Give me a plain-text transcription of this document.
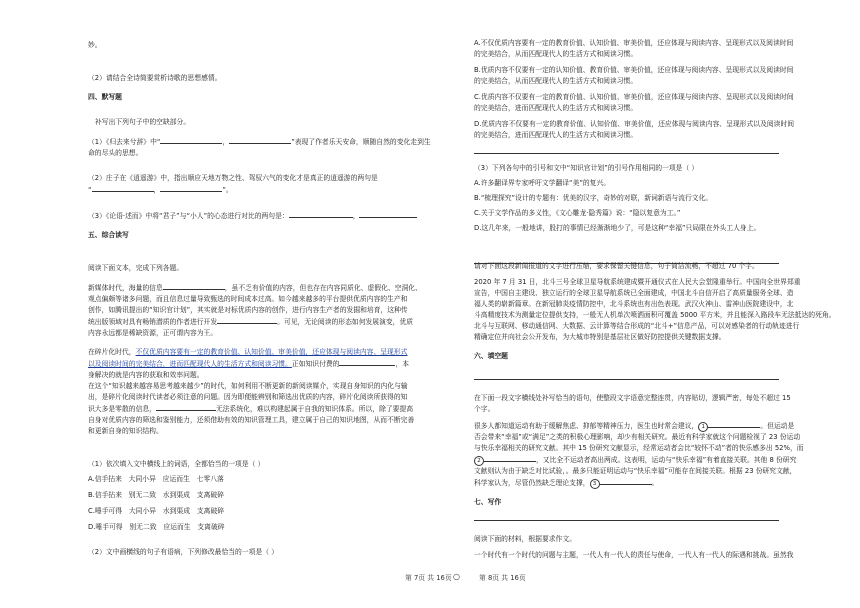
妙。
（2）请结合全诗简要赏析诗歌的思想感情。
四、默写题
补写出下列句子中的空缺部分。
（1）《归去来兮辞》中“	，	”表现了作者乐天安命，顺随自然的变化走到生
命的尽头的思想。
（2）庄子在《逍遥游》中，指出顺应天地万物之性、驾驭六气的变化才是真正的逍遥游的两句是
“	，	”。
（3）《论语·述而》中将“君子”与“小人”的心态进行对比的两句是：	，
五、综合读写
阅读下面文本，完成下列各题。
新媒体时代，海量的信息	，虽不乏有价值的内容，但也存在内容同质化、虚假化、空洞化、
观点偏颇等诸多问题，而且信息过量导致甄选的时间成本过高。如今越来越多的平台提供优质内容的生产和
创作，如腾讯提出的“知识官计划”，其实就是对标优质内容的创作，进行内容生产者的发掘和培育，这种传
统出版领域对具有畅销潜质的作者进行开发	。可见，无论阅读的形态如何发展演变，优质
内容永远都是稀缺资源，正可谓内容为王。
在碎片化时代，不仅优质内容要有一定的教育价值、认知价值、审美价值，还应体现与阅读内容、呈现形式
以及阅读时间的完美结合，进而匹配现代人的生活方式和阅读习惯。正如知识付费的	，本
身解决的就是内容的获取和效率问题。
在这个“知识越来越容易思考越来越少”的时代，如何利用不断更新的新阅读媒介，实现自身知识的内化与输
出，是碎片化阅读时代读者必须注意的问题。因为即便能辨别和筛选出优质的内容，碎片化阅读所获得的知
识大多是零散的信息，	无法系统化，难以构建起属于自我的知识体系。所以，除了要提高
自身对优质内容的筛选和鉴别能力，还须借助有效的知识管理工具，建立属于自己的知识地图，从而不断完善
和更新自身的知识结构。
（1）依次填入文中横线上的词语，全都恰当的一项是（ ）
A.信手拈来　大同小异　应运而生　七零八落
B.信手拈来　别无二致　水到渠成　支离破碎
C.唾手可得　大同小异　水到渠成　支离破碎
D.唾手可得　别无二致　应运而生　支离破碎
（2）文中画横线的句子有语病，下列修改最恰当的一项是（ ）
A.不仅优质内容要有一定的教育价值、认知价值、审美价值，还应体现与阅读内容、呈现形式以及阅读时间
的完美结合，从而匹配现代人的生活方式和阅读习惯。
B.优质内容不仅要有一定的认知价值、教育价值、审美价值，还应体现与阅读内容、呈现形式以及阅读时间
的完美结合，从而匹配现代人的生活方式和阅读习惯。
C.优质内容不仅要有一定的教育价值、认知价值、审美价值，还应体现与阅读内容、呈现形式以及阅读时间
的完美结合，进而匹配现代人的生活方式和阅读习惯。
D.优质内容不仅要有一定的教育价值、认知价值、审美价值，还应体现与阅读内容、呈现形式以及阅读时间
的完美结合，进而匹配现代人的生活方式和阅读习惯。
（3）下列各句中的引号和文中“知识官计划”的引号作用相同的一项是（ ）
A.许多翻译界专家呼吁文学翻译“美”的复兴。
B.“梳理探究”设计的专题有：优美的汉字，奇妙的对联，新词新语与流行文化。
C.关于文学作品的多义性，《文心雕龙·隐秀篇》说：“隐以复意为工。”
D.这几年来，一般地讲，股打的事情已经渐渐地少了，可是这种“幸福”只局限在外头工人身上。
请对下面这段新闻报道的文字进行压缩，要求保留关键信息，句子简洁流畅，不超过 70 个字。
2020 年 7 月 31 日，北斗三号全球卫星导航系统建成暨开通仪式在人民大会堂隆重举行。中国向全世界郑重
宣告，中国自主建设、独立运行的全球卫星导航系统已全面建成，中国北斗自信开启了高质量服务全球、造
福人类的崭新篇章。在新冠肺炎疫情防控中，北斗系统也有出色表现。武汉火神山、雷神山医院建设中，北
斗高精度技术为测量定位提供支持，一般无人机单次喷洒面积可覆盖 5000 平方米，并且能深入路段车无法抵达的死角。
北斗与互联网、移动通信网、大数据、云计算等结合形成的“北斗+”信息产品，可以对感染者的行动轨迹进行
精确定位并向社会公开发布，为大城市特别是基层社区做好防控提供关键数据支撑。
六、填空题
在下面一段文字横线处补写恰当的语句，使整段文字语意完整连贯，内容贴切，逻辑严密，每处不超过 15
个字。
很多人都知道运动有助于缓解焦虑、抑郁等精神压力，医生也时常会建议， 1	。但运动是
否会带来“幸福”或“满足”之类的积极心理影响，却少有相关研究。最近有科学家就这个问题检视了 23 份运动
与快乐幸福相关的研究文献。其中 15 份研究文献显示，经常运动者会比“较怀不动”者的快乐感多出 52%，而
2	，又比全不运动者高出两成。这表明，运动与“快乐幸福”有着直接关联。其他 8 份研究
文献则认为由于缺乏对比试验，。最多只能证明运动与“快乐幸福”可能存在间接关联。根据 23 份研究文献，
科学家认为，尽管仍然缺乏理论支撑， 3	。
七、写作
阅读下面的材料，根据要求作文。
一个时代有一个时代的问题与主题，一代人有一代人的责任与使命，一代人有一代人的际遇和挑战。虽然我
第 7页 共 16页 ○	第 8页 共 16页
